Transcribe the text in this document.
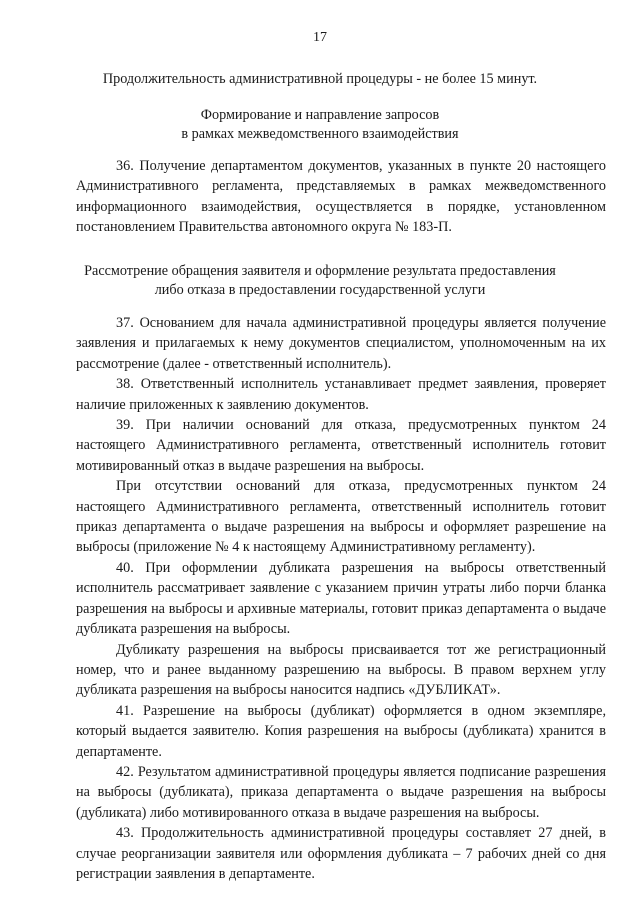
17
Продолжительность административной процедуры - не более 15 минут.
Формирование и направление запросов
в рамках межведомственного взаимодействия

36. Получение департаментом документов, указанных в пункте 20 настоящего Административного регламента, представляемых в рамках межведомственного информационного взаимодействия, осуществляется в порядке, установленном постановлением Правительства автономного округа № 183-П.

Рассмотрение обращения заявителя и оформление результата предоставления
либо отказа в предоставлении государственной услуги

37. Основанием для начала административной процедуры является получение заявления и прилагаемых к нему документов специалистом, уполномоченным на их рассмотрение (далее - ответственный исполнитель).

38. Ответственный исполнитель устанавливает предмет заявления, проверяет наличие приложенных к заявлению документов.

39. При наличии оснований для отказа, предусмотренных пунктом 24 настоящего Административного регламента, ответственный исполнитель готовит мотивированный отказ в выдаче разрешения на выбросы.

При отсутствии оснований для отказа, предусмотренных пунктом 24 настоящего Административного регламента, ответственный исполнитель готовит приказ департамента о выдаче разрешения на выбросы и оформляет разрешение на выбросы (приложение № 4 к настоящему Административному регламенту).

40. При оформлении дубликата разрешения на выбросы ответственный исполнитель рассматривает заявление с указанием причин утраты либо порчи бланка разрешения на выбросы и архивные материалы, готовит приказ департамента о выдаче дубликата разрешения на выбросы.

Дубликату разрешения на выбросы присваивается тот же регистрационный номер, что и ранее выданному разрешению на выбросы. В правом верхнем углу дубликата разрешения на выбросы наносится надпись «ДУБЛИКАТ».

41. Разрешение на выбросы (дубликат) оформляется в одном экземпляре, который выдается заявителю. Копия разрешения на выбросы (дубликата) хранится в департаменте.

42. Результатом административной процедуры является подписание разрешения на выбросы (дубликата), приказа департамента о выдаче разрешения на выбросы (дубликата) либо мотивированного отказа в выдаче разрешения на выбросы.

43. Продолжительность административной процедуры составляет 27 дней, в случае реорганизации заявителя или оформления дубликата – 7 рабочих дней со дня регистрации заявления в департаменте.
